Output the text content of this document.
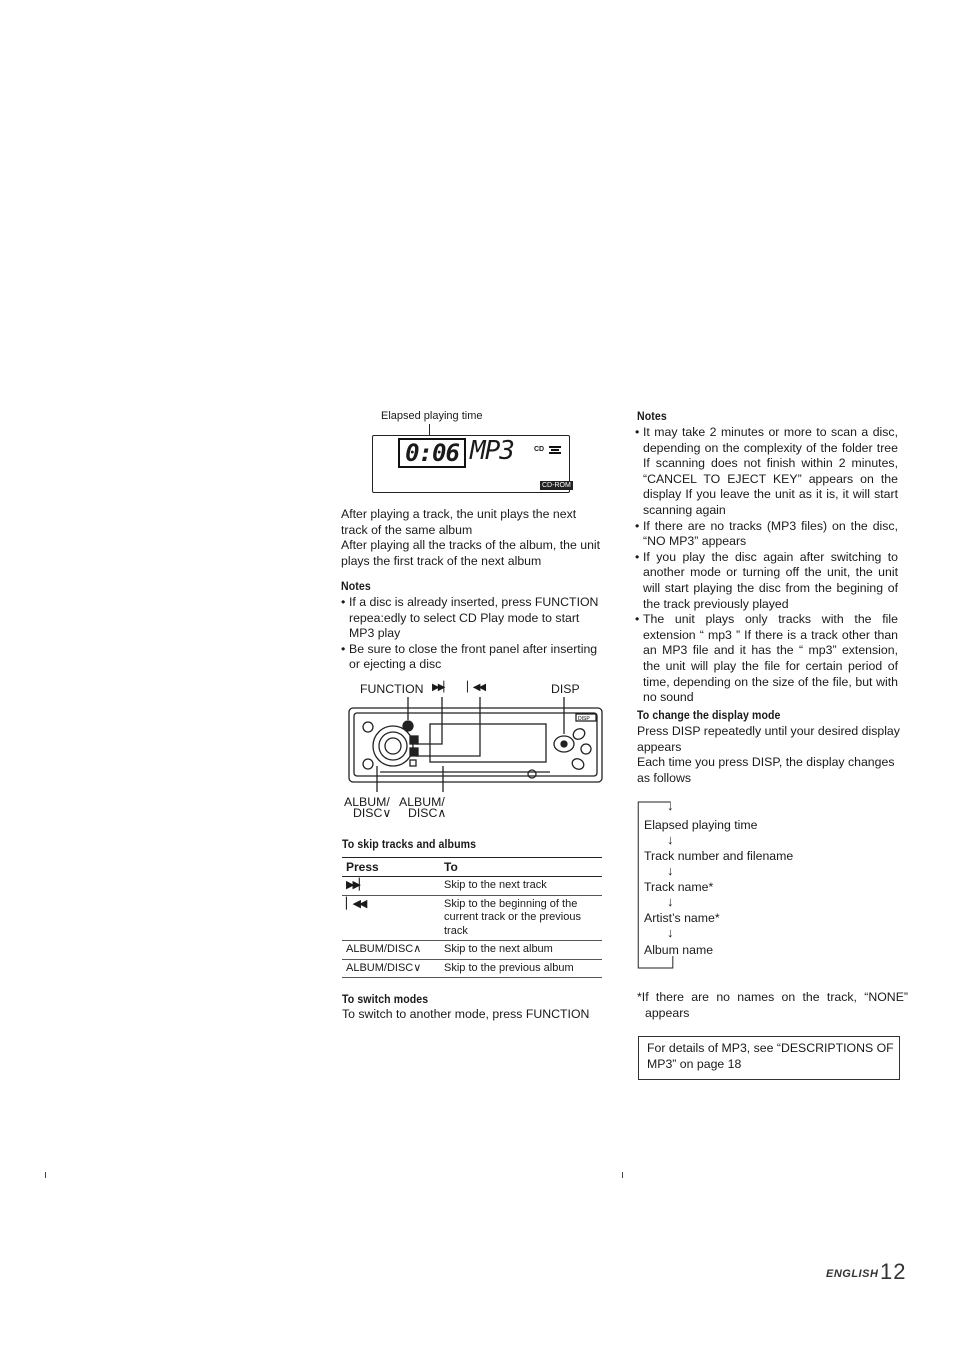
Elapsed playing time
0:06 MP3	CD
CD-ROM
After playing a track, the unit plays the next track of the same album
After playing all the tracks of the album, the unit plays the first track of the next album
Notes
• If a disc is already inserted, press FUNCTION repea:edly to select CD Play mode to start MP3 play
• Be sure to close the front panel after inserting or ejecting a disc
FUNCTION ▶▶▏ ▏◀◀	DISP
DISP
ALBUM/
DISC∨
ALBUM/
DISC∧
To skip tracks and albums
Press	To
▶▶▏	Skip to the next track
▏◀◀	Skip to the beginning of the current track or the previous track
ALBUM/DISC∧	Skip to the next album
ALBUM/DISC∨	Skip to the previous album
To switch modes
To switch to another mode, press FUNCTION
Notes
• It may take 2 minutes or more to scan a disc, depending on the complexity of the folder tree If scanning does not finish within 2 minutes, “CANCEL TO EJECT KEY” appears on the display If you leave the unit as it is, it will start scanning again
• If there are no tracks (MP3 files) on the disc, “NO MP3” appears
• If you play the disc again after switching to another mode or turning off the unit, the unit will start playing the disc from the begining of the track previously played
• The unit plays only tracks with the file extension “ mp3 ” If there is a track other than an MP3 file and it has the “ mp3” extension, the unit will play the file for certain period of time, depending on the size of the file, but with no sound
To change the display mode
Press DISP repeatedly until your desired display appears
Each time you press DISP, the display changes as follows
↓
Elapsed playing time
↓
Track number and filename
↓
Track name*
↓
Artist’s name*
↓
Album name
*If there are no names on the track, “NONE” appears
For details of MP3, see “DESCRIPTIONS OF MP3” on page 18
ENGLISH 12
